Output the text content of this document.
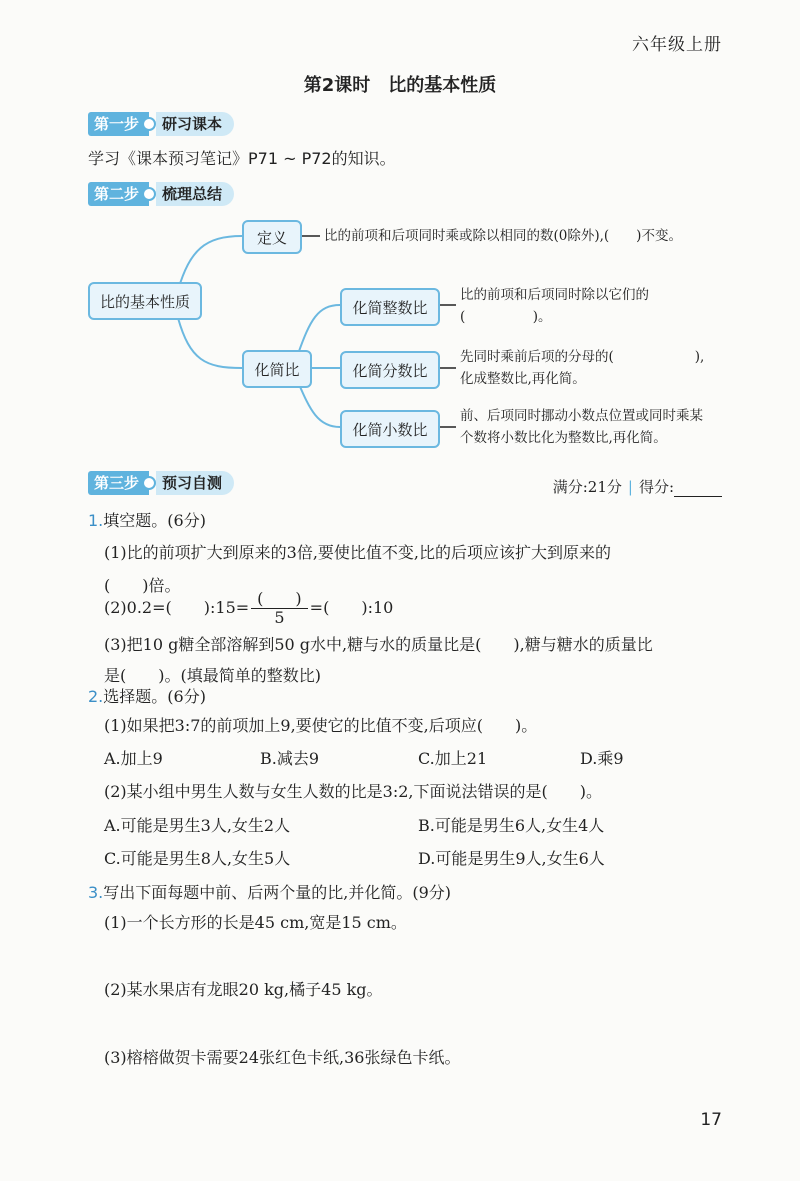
六年级上册
第2课时 比的基本性质
第一步	研习课本
学习《课本预习笔记》P71 ~ P72的知识。
第二步	梳理总结
比的基本性质
定义	比的前项和后项同时乘或除以相同的数(0除外),(　　)不变。
化简比
化简整数比
比的前项和后项同时除以它们的
(　　　　　)。
化简分数比
先同时乘前后项的分母的(　　　　　　),
化成整数比,再化简。
化简小数比
前、后项同时挪动小数点位置或同时乘某
个数将小数比化为整数比,再化简。
第三步	预习自测	满分:21分 | 得分:
1.填空题。(6分)
(1)比的前项扩大到原来的3倍,要使比值不变,比的后项应该扩大到原来的
(　　)倍。
(2)0.2=(　　):15= $\frac{( )}{5}$ =(　　):10
(3)把10 g糖全部溶解到50 g水中,糖与水的质量比是(　　),糖与糖水的质量比
是(　　)。(填最简单的整数比)
2.选择题。(6分)
(1)如果把3:7的前项加上9,要使它的比值不变,后项应(　　)。
A.加上9	B.减去9	C.加上21	D.乘9
(2)某小组中男生人数与女生人数的比是3:2,下面说法错误的是(　　)。
A.可能是男生3人,女生2人	B.可能是男生6人,女生4人
C.可能是男生8人,女生5人	D.可能是男生9人,女生6人
3.写出下面每题中前、后两个量的比,并化简。(9分)
(1)一个长方形的长是45 cm,宽是15 cm。
(2)某水果店有龙眼20 kg,橘子45 kg。
(3)榕榕做贺卡需要24张红色卡纸,36张绿色卡纸。
17
